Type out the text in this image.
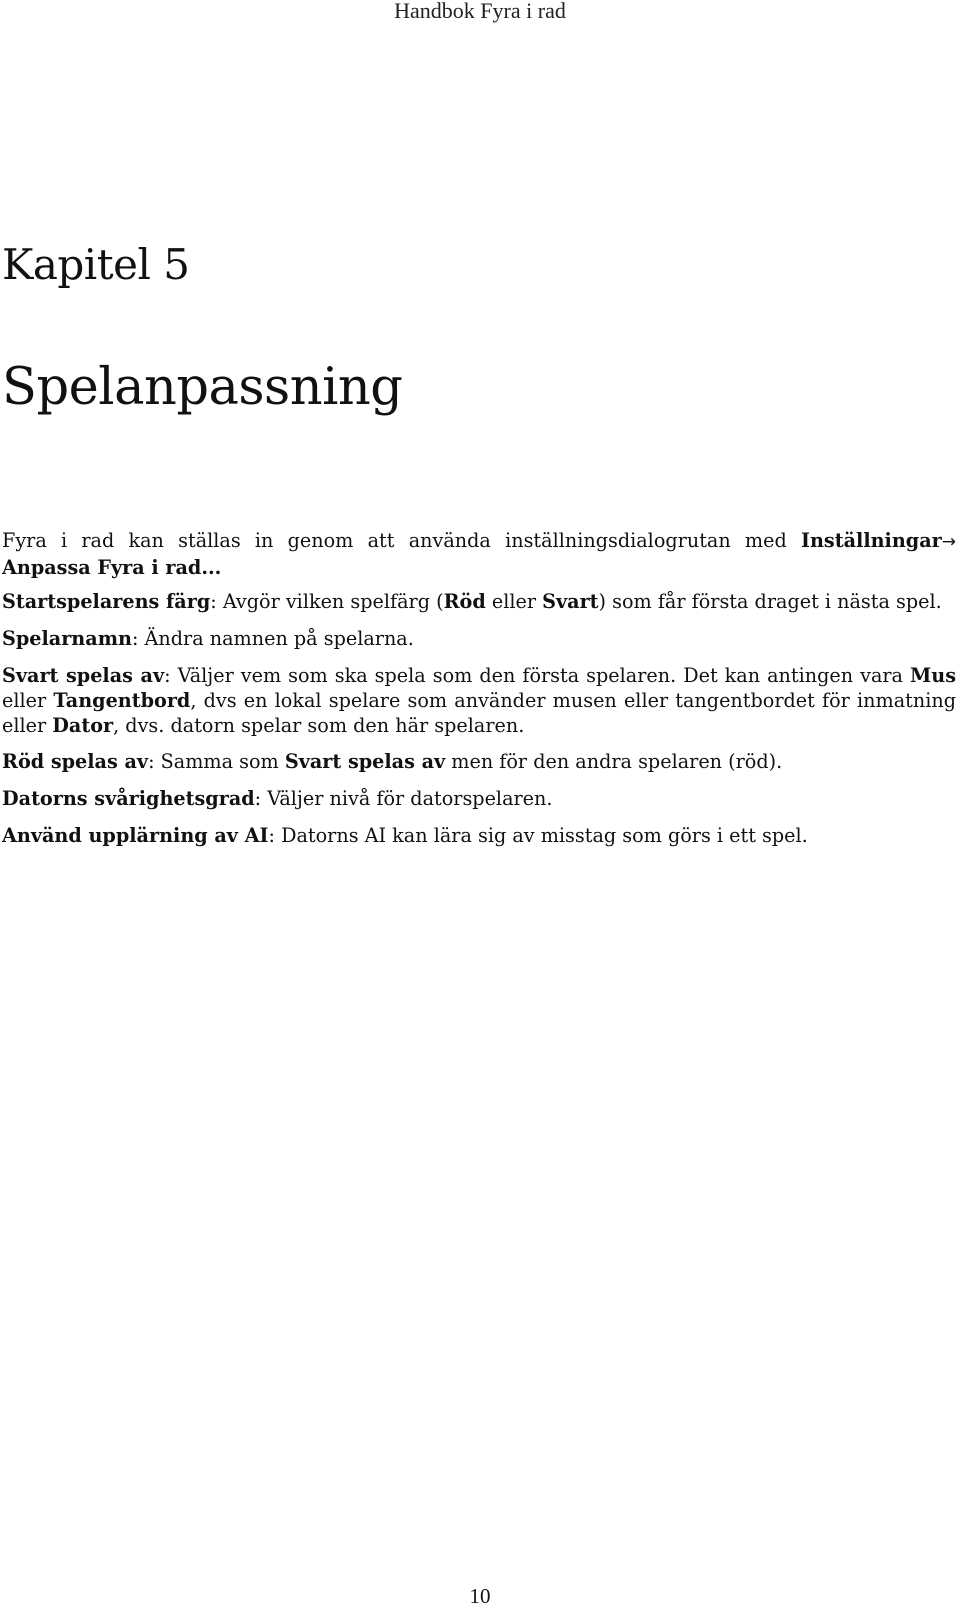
Handbok Fyra i rad
Kapitel 5
Spelanpassning

Fyra i rad kan ställas in genom att använda inställningsdialogrutan med Inställningar→ Anpassa Fyra i rad...

Startspelarens färg: Avgör vilken spelfärg (Röd eller Svart) som får första draget i nästa spel.

Spelarnamn: Ändra namnen på spelarna.

Svart spelas av: Väljer vem som ska spela som den första spelaren. Det kan antingen vara Mus eller Tangentbord, dvs en lokal spelare som använder musen eller tangentbordet för inmatning eller Dator, dvs. datorn spelar som den här spelaren.

Röd spelas av: Samma som Svart spelas av men för den andra spelaren (röd).

Datorns svårighetsgrad: Väljer nivå för datorspelaren.

Använd upplärning av AI: Datorns AI kan lära sig av misstag som görs i ett spel.

10
